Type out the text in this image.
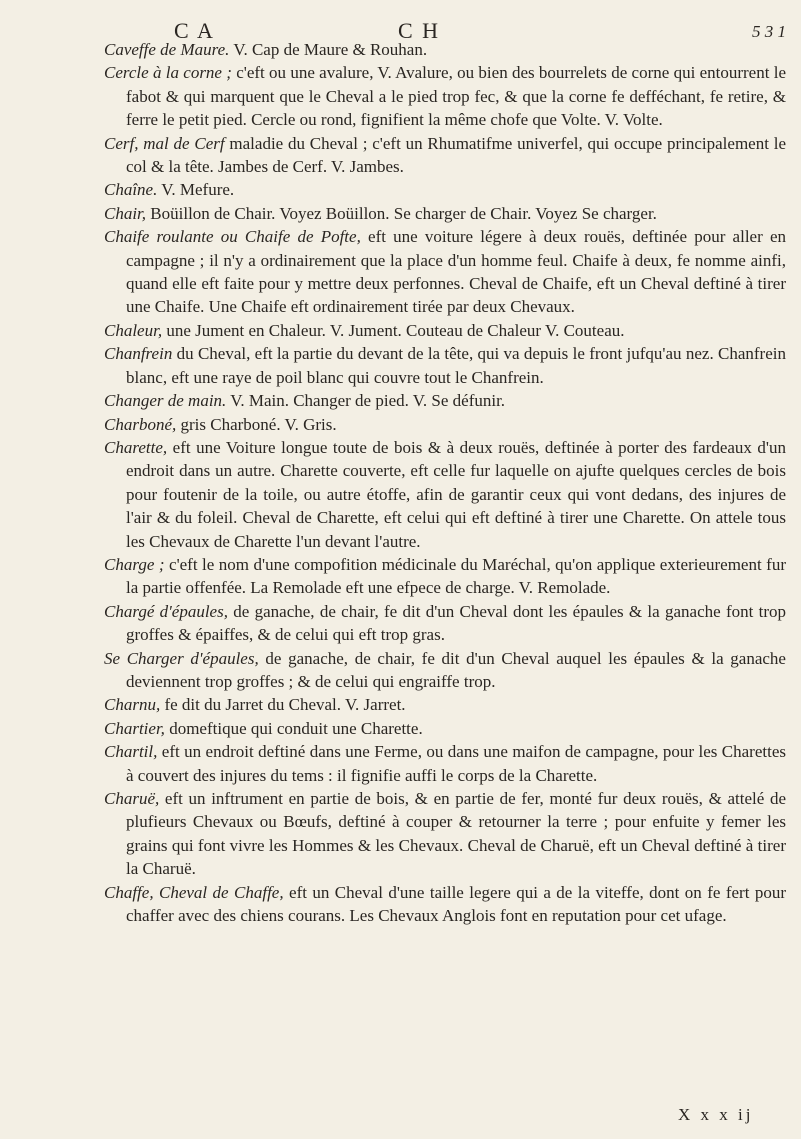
C A	C H	5 3 1

Caveffe de Maure. V. Cap de Maure & Rouhan.

Cercle à la corne ; c'eft ou une avalure, V. Avalure, ou bien des bourrelets de corne qui entourrent le fabot & qui marquent que le Cheval a le pied trop fec, & que la corne fe defféchant, fe retire, & ferre le petit pied. Cercle ou rond, fignifient la même chofe que Volte. V. Volte.

Cerf, mal de Cerf maladie du Cheval ; c'eft un Rhumatifme univerfel, qui occupe principalement le col & la tête. Jambes de Cerf. V. Jambes.

Chaîne. V. Mefure.

Chair, Boüillon de Chair. Voyez Boüillon. Se charger de Chair. Voyez Se charger.

Chaife roulante ou Chaife de Pofte, eft une voiture légere à deux rouës, deftinée pour aller en campagne ; il n'y a ordinairement que la place d'un homme feul. Chaife à deux, fe nomme ainfi, quand elle eft faite pour y mettre deux perfonnes. Cheval de Chaife, eft un Cheval deftiné à tirer une Chaife. Une Chaife eft ordinairement tirée par deux Chevaux.

Chaleur, une Jument en Chaleur. V. Jument. Couteau de Chaleur V. Couteau.

Chanfrein du Cheval, eft la partie du devant de la tête, qui va depuis le front jufqu'au nez. Chanfrein blanc, eft une raye de poil blanc qui couvre tout le Chanfrein.

Changer de main. V. Main. Changer de pied. V. Se défunir.

Charboné, gris Charboné. V. Gris.

Charette, eft une Voiture longue toute de bois & à deux rouës, deftinée à porter des fardeaux d'un endroit dans un autre. Charette couverte, eft celle fur laquelle on ajufte quelques cercles de bois pour foutenir de la toile, ou autre étoffe, afin de garantir ceux qui vont dedans, des injures de l'air & du foleil. Cheval de Charette, eft celui qui eft deftiné à tirer une Charette. On attele tous les Chevaux de Charette l'un devant l'autre.

Charge ; c'eft le nom d'une compofition médicinale du Maréchal, qu'on applique exterieurement fur la partie offenfée. La Remolade eft une efpece de charge. V. Remolade.

Chargé d'épaules, de ganache, de chair, fe dit d'un Cheval dont les épaules & la ganache font trop groffes & épaiffes, & de celui qui eft trop gras.

Se Charger d'épaules, de ganache, de chair, fe dit d'un Cheval auquel les épaules & la ganache deviennent trop groffes ; & de celui qui engraiffe trop.

Charnu, fe dit du Jarret du Cheval. V. Jarret.

Chartier, domeftique qui conduit une Charette.

Chartil, eft un endroit deftiné dans une Ferme, ou dans une maifon de campagne, pour les Charettes à couvert des injures du tems : il fignifie auffi le corps de la Charette.

Charuë, eft un inftrument en partie de bois, & en partie de fer, monté fur deux rouës, & attelé de plufieurs Chevaux ou Bœufs, deftiné à couper & retourner la terre ; pour enfuite y femer les grains qui font vivre les Hommes & les Chevaux. Cheval de Charuë, eft un Cheval deftiné à tirer la Charuë.

Chaffe, Cheval de Chaffe, eft un Cheval d'une taille legere qui a de la viteffe, dont on fe fert pour chaffer avec des chiens courans. Les Chevaux Anglois font en reputation pour cet ufage.

X x x ij
